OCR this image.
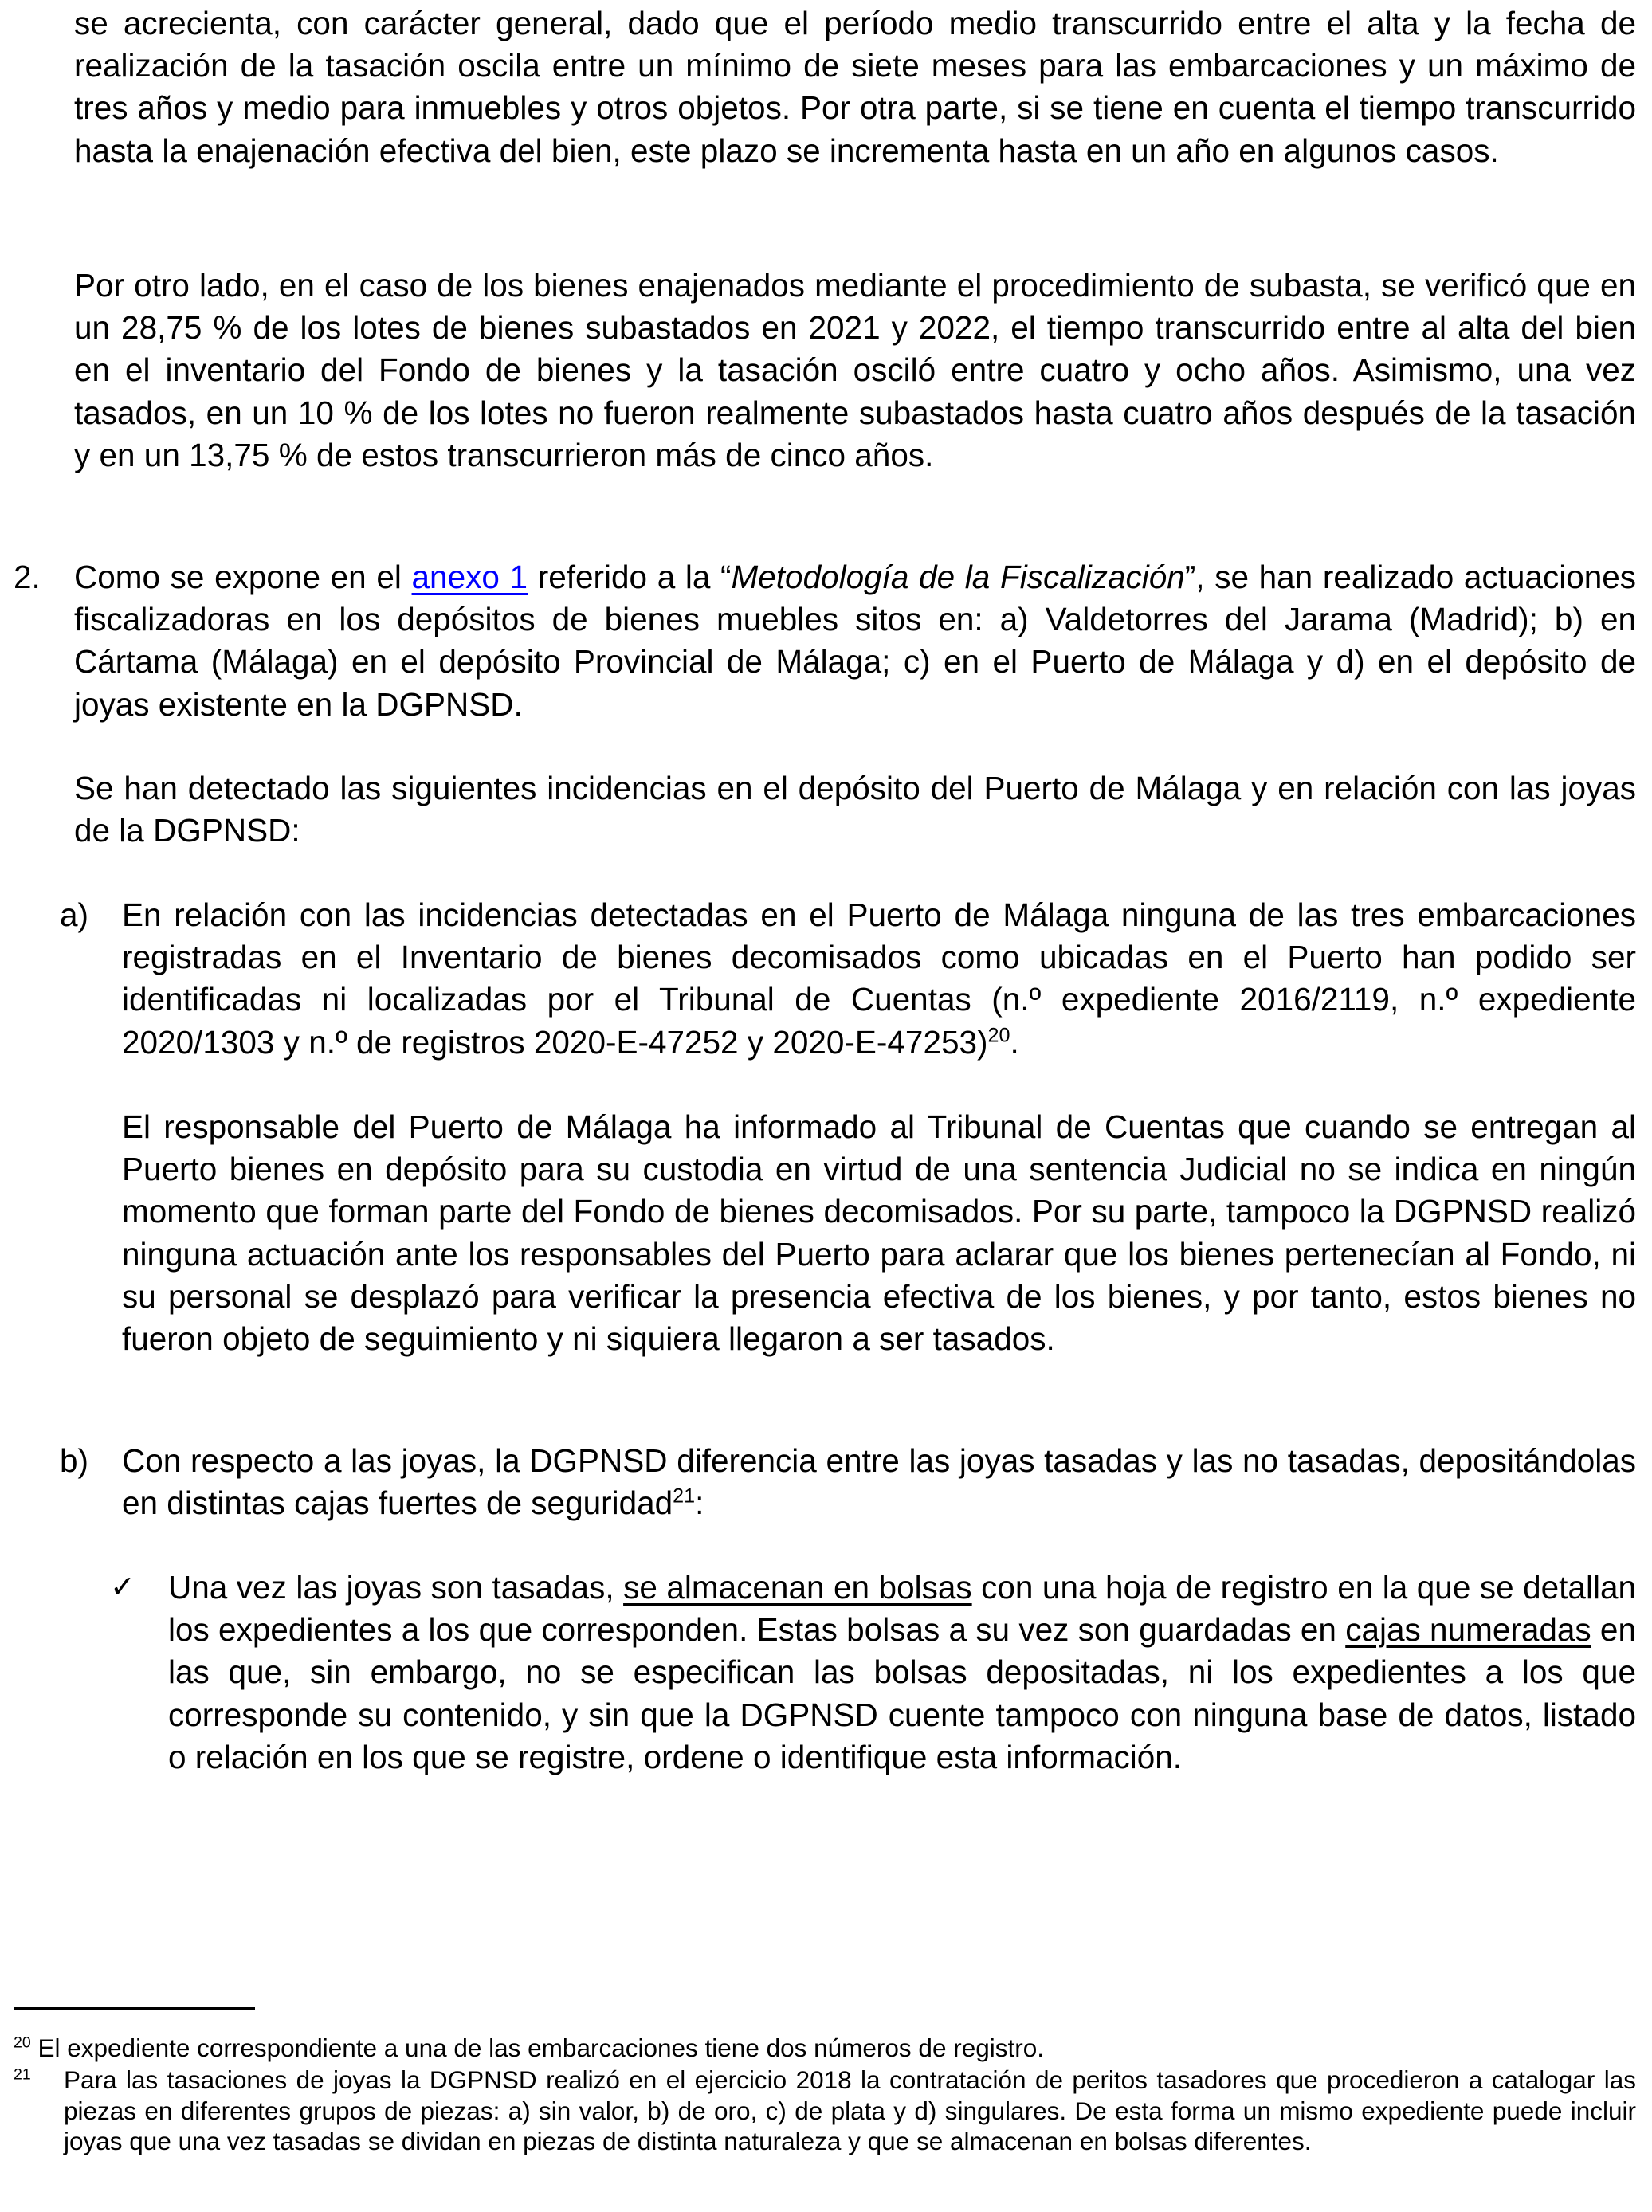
se acrecienta, con carácter general, dado que el período medio transcurrido entre el alta y la fecha de realización de la tasación oscila entre un mínimo de siete meses para las embarcaciones y un máximo de tres años y medio para inmuebles y otros objetos. Por otra parte, si se tiene en cuenta el tiempo transcurrido hasta la enajenación efectiva del bien, este plazo se incrementa hasta en un año en algunos casos.
Por otro lado, en el caso de los bienes enajenados mediante el procedimiento de subasta, se verificó que en un 28,75 % de los lotes de bienes subastados en 2021 y 2022, el tiempo transcurrido entre al alta del bien en el inventario del Fondo de bienes y la tasación osciló entre cuatro y ocho años. Asimismo, una vez tasados, en un 10 % de los lotes no fueron realmente subastados hasta cuatro años después de la tasación y en un 13,75 % de estos transcurrieron más de cinco años.
2. Como se expone en el anexo 1 referido a la “Metodología de la Fiscalización”, se han realizado actuaciones fiscalizadoras en los depósitos de bienes muebles sitos en: a) Valdetorres del Jarama (Madrid); b) en Cártama (Málaga) en el depósito Provincial de Málaga; c) en el Puerto de Málaga y d) en el depósito de joyas existente en la DGPNSD.
Se han detectado las siguientes incidencias en el depósito del Puerto de Málaga y en relación con las joyas de la DGPNSD:
a) En relación con las incidencias detectadas en el Puerto de Málaga ninguna de las tres embarcaciones registradas en el Inventario de bienes decomisados como ubicadas en el Puerto han podido ser identificadas ni localizadas por el Tribunal de Cuentas (n.º expediente 2016/2119, n.º expediente 2020/1303 y n.º de registros 2020-E-47252 y 2020-E-47253)$^{20}$.
El responsable del Puerto de Málaga ha informado al Tribunal de Cuentas que cuando se entregan al Puerto bienes en depósito para su custodia en virtud de una sentencia Judicial no se indica en ningún momento que forman parte del Fondo de bienes decomisados. Por su parte, tampoco la DGPNSD realizó ninguna actuación ante los responsables del Puerto para aclarar que los bienes pertenecían al Fondo, ni su personal se desplazó para verificar la presencia efectiva de los bienes, y por tanto, estos bienes no fueron objeto de seguimiento y ni siquiera llegaron a ser tasados.
b) Con respecto a las joyas, la DGPNSD diferencia entre las joyas tasadas y las no tasadas, depositándolas en distintas cajas fuertes de seguridad$^{21}$:
✓ Una vez las joyas son tasadas, se almacenan en bolsas con una hoja de registro en la que se detallan los expedientes a los que corresponden. Estas bolsas a su vez son guardadas en cajas numeradas en las que, sin embargo, no se especifican las bolsas depositadas, ni los expedientes a los que corresponde su contenido, y sin que la DGPNSD cuente tampoco con ninguna base de datos, listado o relación en los que se registre, ordene o identifique esta información.
$^{20}$ El expediente correspondiente a una de las embarcaciones tiene dos números de registro.
$^{21}$	Para las tasaciones de joyas la DGPNSD realizó en el ejercicio 2018 la contratación de peritos tasadores que procedieron a catalogar las piezas en diferentes grupos de piezas: a) sin valor, b) de oro, c) de plata y d) singulares. De esta forma un mismo expediente puede incluir joyas que una vez tasadas se dividan en piezas de distinta naturaleza y que se almacenan en bolsas diferentes.
